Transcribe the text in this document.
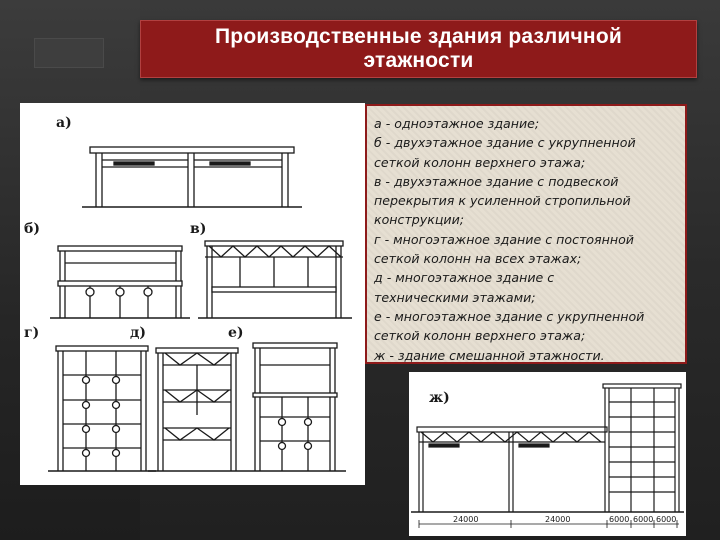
Производственные здания различной
этажности
а)
б)	в)
г)	д)	е)
ж)
24000	24000	6000 6000 6000
а - одноэтажное здание;
б - двухэтажное здание с укрупненной
сеткой колонн верхнего этажа;
в - двухэтажное здание с подвеской
перекрытия к усиленной стропильной
конструкции;
г - многоэтажное здание с постоянной
сеткой колонн на всех этажах;
д - многоэтажное здание с
техническими этажами;
е - многоэтажное здание с укрупненной
сеткой колонн верхнего этажа;
ж - здание смешанной этажности.
